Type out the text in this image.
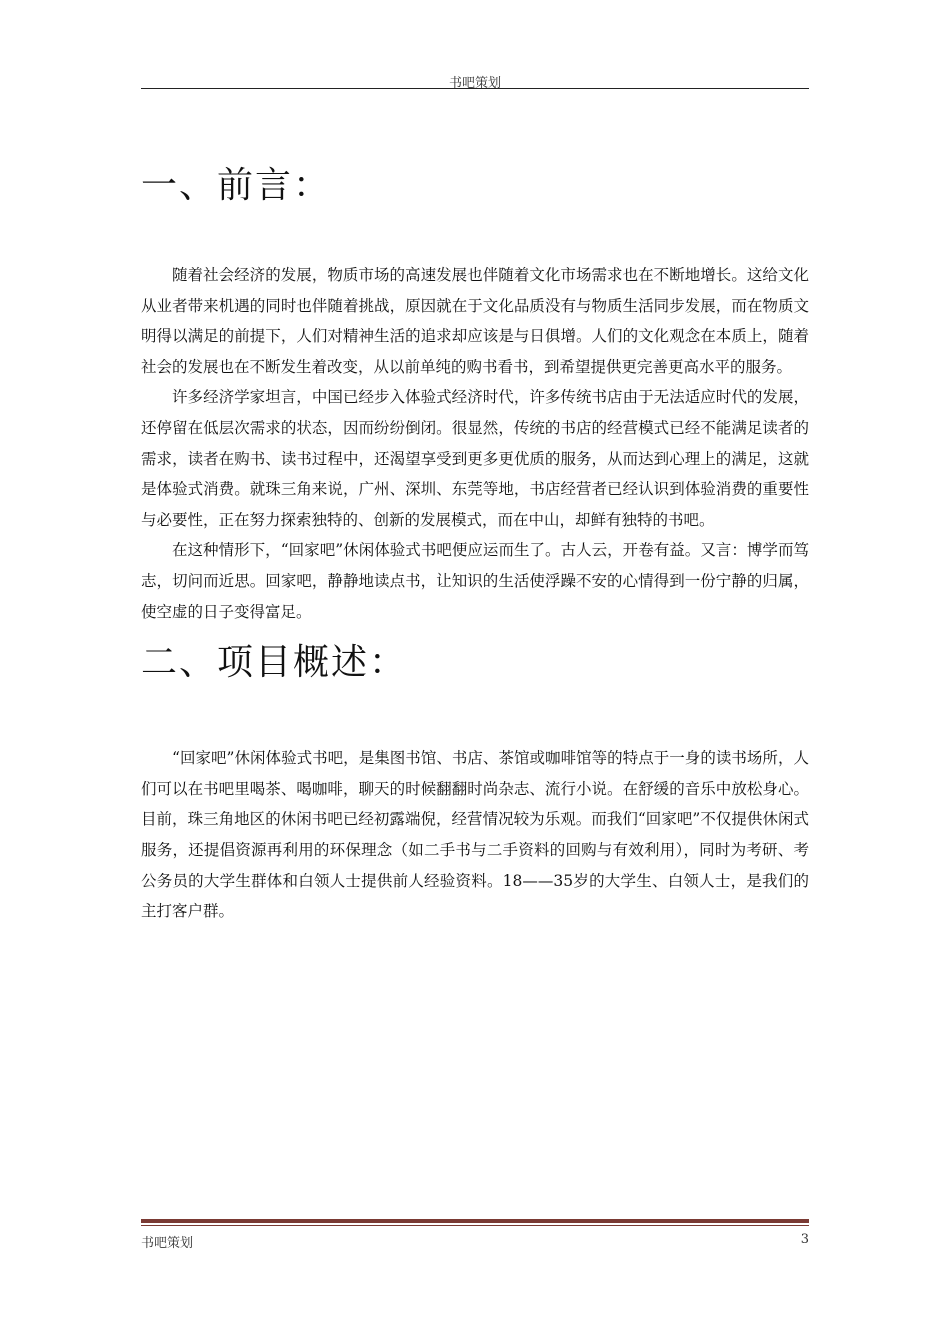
书吧策划
一、前言：

随着社会经济的发展，物质市场的高速发展也伴随着文化市场需求也在不断地增长。这给文化从业者带来机遇的同时也伴随着挑战，原因就在于文化品质没有与物质生活同步发展，而在物质文明得以满足的前提下，人们对精神生活的追求却应该是与日俱增。人们的文化观念在本质上，随着社会的发展也在不断发生着改变，从以前单纯的购书看书，到希望提供更完善更高水平的服务。

许多经济学家坦言，中国已经步入体验式经济时代，许多传统书店由于无法适应时代的发展，还停留在低层次需求的状态，因而纷纷倒闭。很显然，传统的书店的经营模式已经不能满足读者的需求，读者在购书、读书过程中，还渴望享受到更多更优质的服务，从而达到心理上的满足，这就是体验式消费。就珠三角来说，广州、深圳、东莞等地，书店经营者已经认识到体验消费的重要性与必要性，正在努力探索独特的、创新的发展模式，而在中山，却鲜有独特的书吧。

在这种情形下，“回家吧”休闲体验式书吧便应运而生了。古人云，开卷有益。又言：博学而笃志，切问而近思。回家吧，静静地读点书，让知识的生活使浮躁不安的心情得到一份宁静的归属，使空虚的日子变得富足。

二、项目概述：

“回家吧”休闲体验式书吧，是集图书馆、书店、茶馆或咖啡馆等的特点于一身的读书场所，人们可以在书吧里喝茶、喝咖啡，聊天的时候翻翻时尚杂志、流行小说。在舒缓的音乐中放松身心。目前，珠三角地区的休闲书吧已经初露端倪，经营情况较为乐观。而我们“回家吧”不仅提供休闲式服务，还提倡资源再利用的环保理念（如二手书与二手资料的回购与有效利用），同时为考研、考公务员的大学生群体和白领人士提供前人经验资料。18——35岁的大学生、白领人士，是我们的主打客户群。

书吧策划	3
